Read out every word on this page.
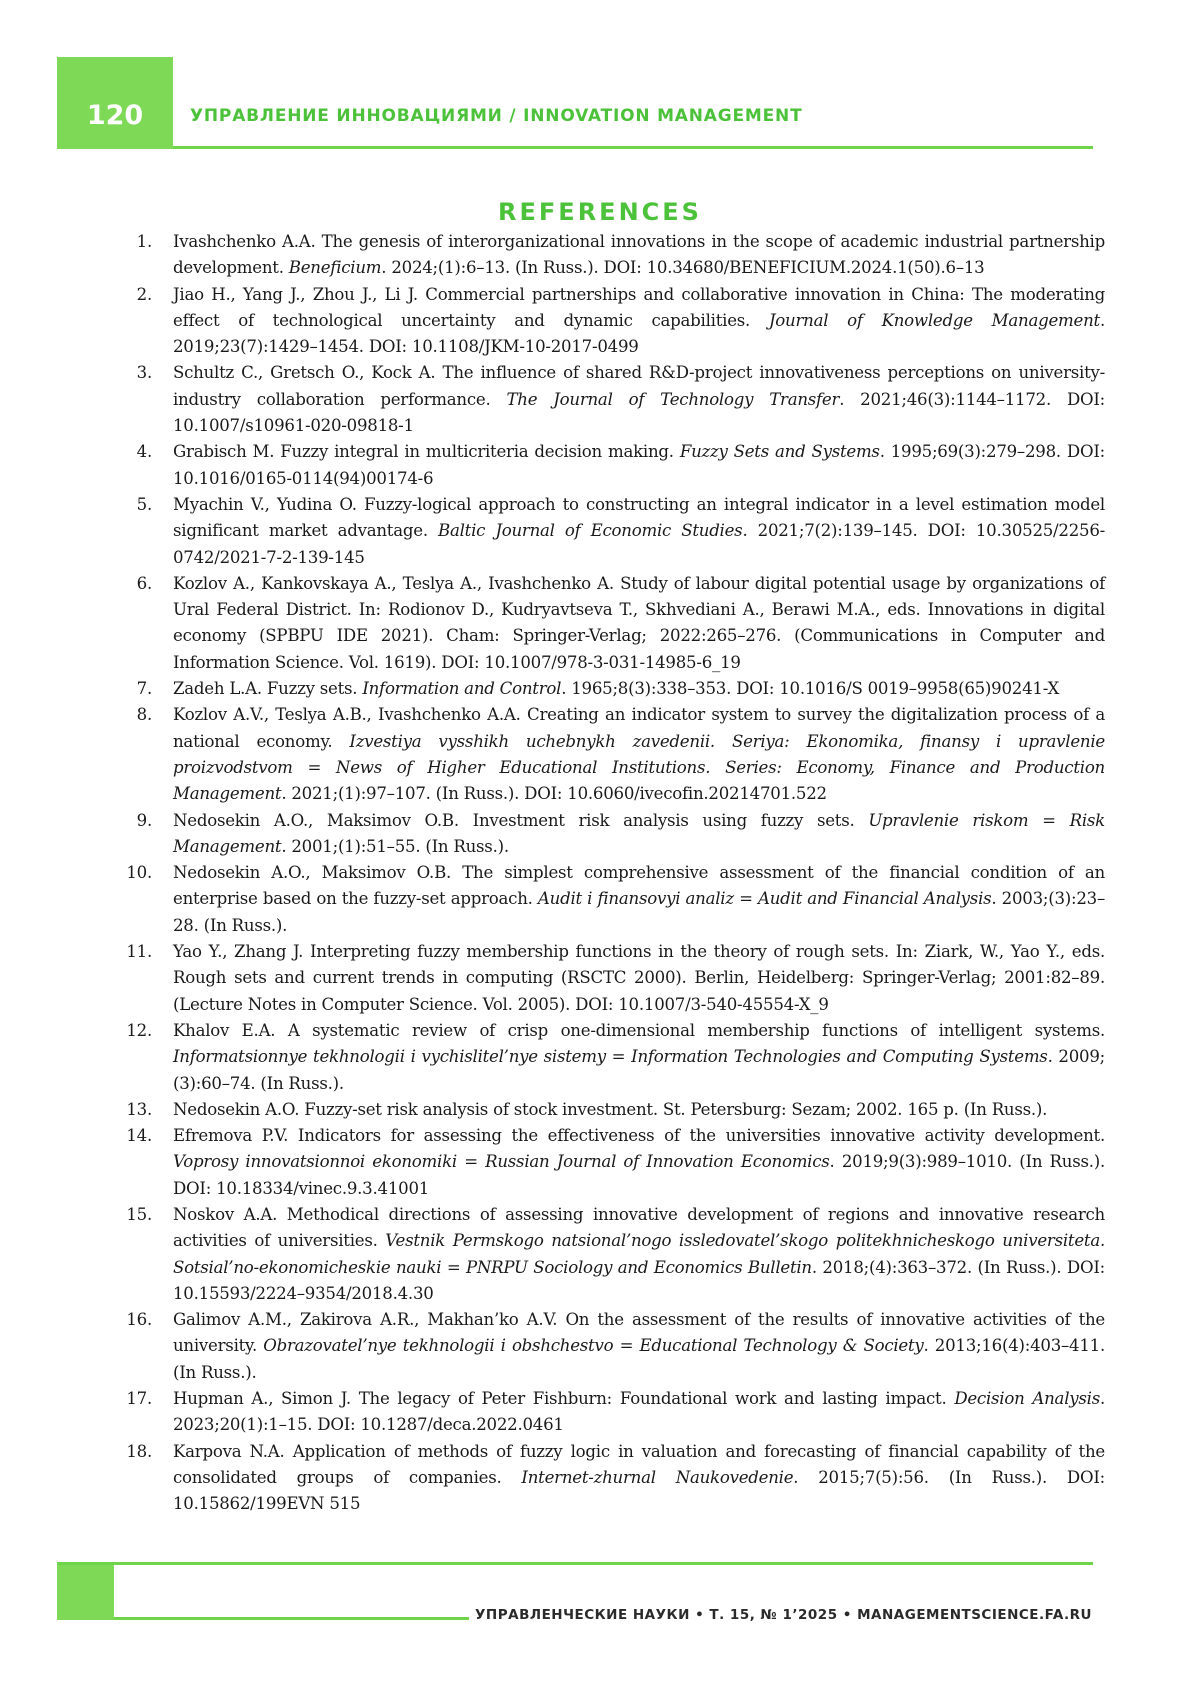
120	УПРАВЛЕНИЕ ИННОВАЦИЯМИ / INNOVATION MANAGEMENT
REFERENCES
1. Ivashchenko A.A. The genesis of interorganizational innovations in the scope of academic industrial partnership development. Beneficium. 2024;(1):6–13. (In Russ.). DOI: 10.34680/BENEFICIUM.2024.1(50).6–13
2. Jiao H., Yang J., Zhou J., Li J. Commercial partnerships and collaborative innovation in China: The moderating effect of technological uncertainty and dynamic capabilities. Journal of Knowledge Management. 2019;23(7):1429–1454. DOI: 10.1108/JKM-10-2017-0499
3. Schultz C., Gretsch O., Kock A. The influence of shared R&D-project innovativeness perceptions on university-industry collaboration performance. The Journal of Technology Transfer. 2021;46(3):1144–1172. DOI: 10.1007/s10961-020-09818-1
4. Grabisch M. Fuzzy integral in multicriteria decision making. Fuzzy Sets and Systems. 1995;69(3):279–298. DOI: 10.1016/0165-0114(94)00174-6
5. Myachin V., Yudina O. Fuzzy-logical approach to constructing an integral indicator in a level estimation model significant market advantage. Baltic Journal of Economic Studies. 2021;7(2):139–145. DOI: 10.30525/2256-0742/2021-7-2-139-145
6. Kozlov A., Kankovskaya A., Teslya A., Ivashchenko A. Study of labour digital potential usage by organizations of Ural Federal District. In: Rodionov D., Kudryavtseva T., Skhvediani A., Berawi M.A., eds. Innovations in digital economy (SPBPU IDE 2021). Cham: Springer-Verlag; 2022:265–276. (Communications in Computer and Information Science. Vol. 1619). DOI: 10.1007/978-3-031-14985-6_19
7. Zadeh L.A. Fuzzy sets. Information and Control. 1965;8(3):338–353. DOI: 10.1016/S 0019–9958(65)90241-X
8. Kozlov A.V., Teslya A.B., Ivashchenko A.A. Creating an indicator system to survey the digitalization process of a national economy. Izvestiya vysshikh uchebnykh zavedenii. Seriya: Ekonomika, finansy i upravlenie proizvodstvom = News of Higher Educational Institutions. Series: Economy, Finance and Production Management. 2021;(1):97–107. (In Russ.). DOI: 10.6060/ivecofin.20214701.522
9. Nedosekin A.O., Maksimov O.B. Investment risk analysis using fuzzy sets. Upravlenie riskom = Risk Management. 2001;(1):51–55. (In Russ.).
10. Nedosekin A.O., Maksimov O.B. The simplest comprehensive assessment of the financial condition of an enterprise based on the fuzzy-set approach. Audit i finansovyi analiz = Audit and Financial Analysis. 2003;(3):23–28. (In Russ.).
11. Yao Y., Zhang J. Interpreting fuzzy membership functions in the theory of rough sets. In: Ziark, W., Yao Y., eds. Rough sets and current trends in computing (RSCTC 2000). Berlin, Heidelberg: Springer-Verlag; 2001:82–89. (Lecture Notes in Computer Science. Vol. 2005). DOI: 10.1007/3-540-45554-X_9
12. Khalov E.A. A systematic review of crisp one-dimensional membership functions of intelligent systems. Informatsionnye tekhnologii i vychislitel’nye sistemy = Information Technologies and Computing Systems. 2009;(3):60–74. (In Russ.).
13. Nedosekin A.O. Fuzzy-set risk analysis of stock investment. St. Petersburg: Sezam; 2002. 165 p. (In Russ.).
14. Efremova P.V. Indicators for assessing the effectiveness of the universities innovative activity development. Voprosy innovatsionnoi ekonomiki = Russian Journal of Innovation Economics. 2019;9(3):989–1010. (In Russ.). DOI: 10.18334/vinec.9.3.41001
15. Noskov A.A. Methodical directions of assessing innovative development of regions and innovative research activities of universities. Vestnik Permskogo natsional’nogo issledovatel’skogo politekhnicheskogo universiteta. Sotsial’no-ekonomicheskie nauki = PNRPU Sociology and Economics Bulletin. 2018;(4):363–372. (In Russ.). DOI: 10.15593/2224–9354/2018.4.30
16. Galimov A.M., Zakirova A.R., Makhan’ko A.V. On the assessment of the results of innovative activities of the university. Obrazovatel’nye tekhnologii i obshchestvo = Educational Technology & Society. 2013;16(4):403–411. (In Russ.).
17. Hupman A., Simon J. The legacy of Peter Fishburn: Foundational work and lasting impact. Decision Analysis. 2023;20(1):1–15. DOI: 10.1287/deca.2022.0461
18. Karpova N.A. Application of methods of fuzzy logic in valuation and forecasting of financial capability of the consolidated groups of companies. Internet-zhurnal Naukovedenie. 2015;7(5):56. (In Russ.). DOI: 10.15862/199EVN 515
УПРАВЛЕНЧЕСКИЕ НАУКИ • Т. 15, № 1’2025 • MANAGEMENTSCIENCE.FA.RU
